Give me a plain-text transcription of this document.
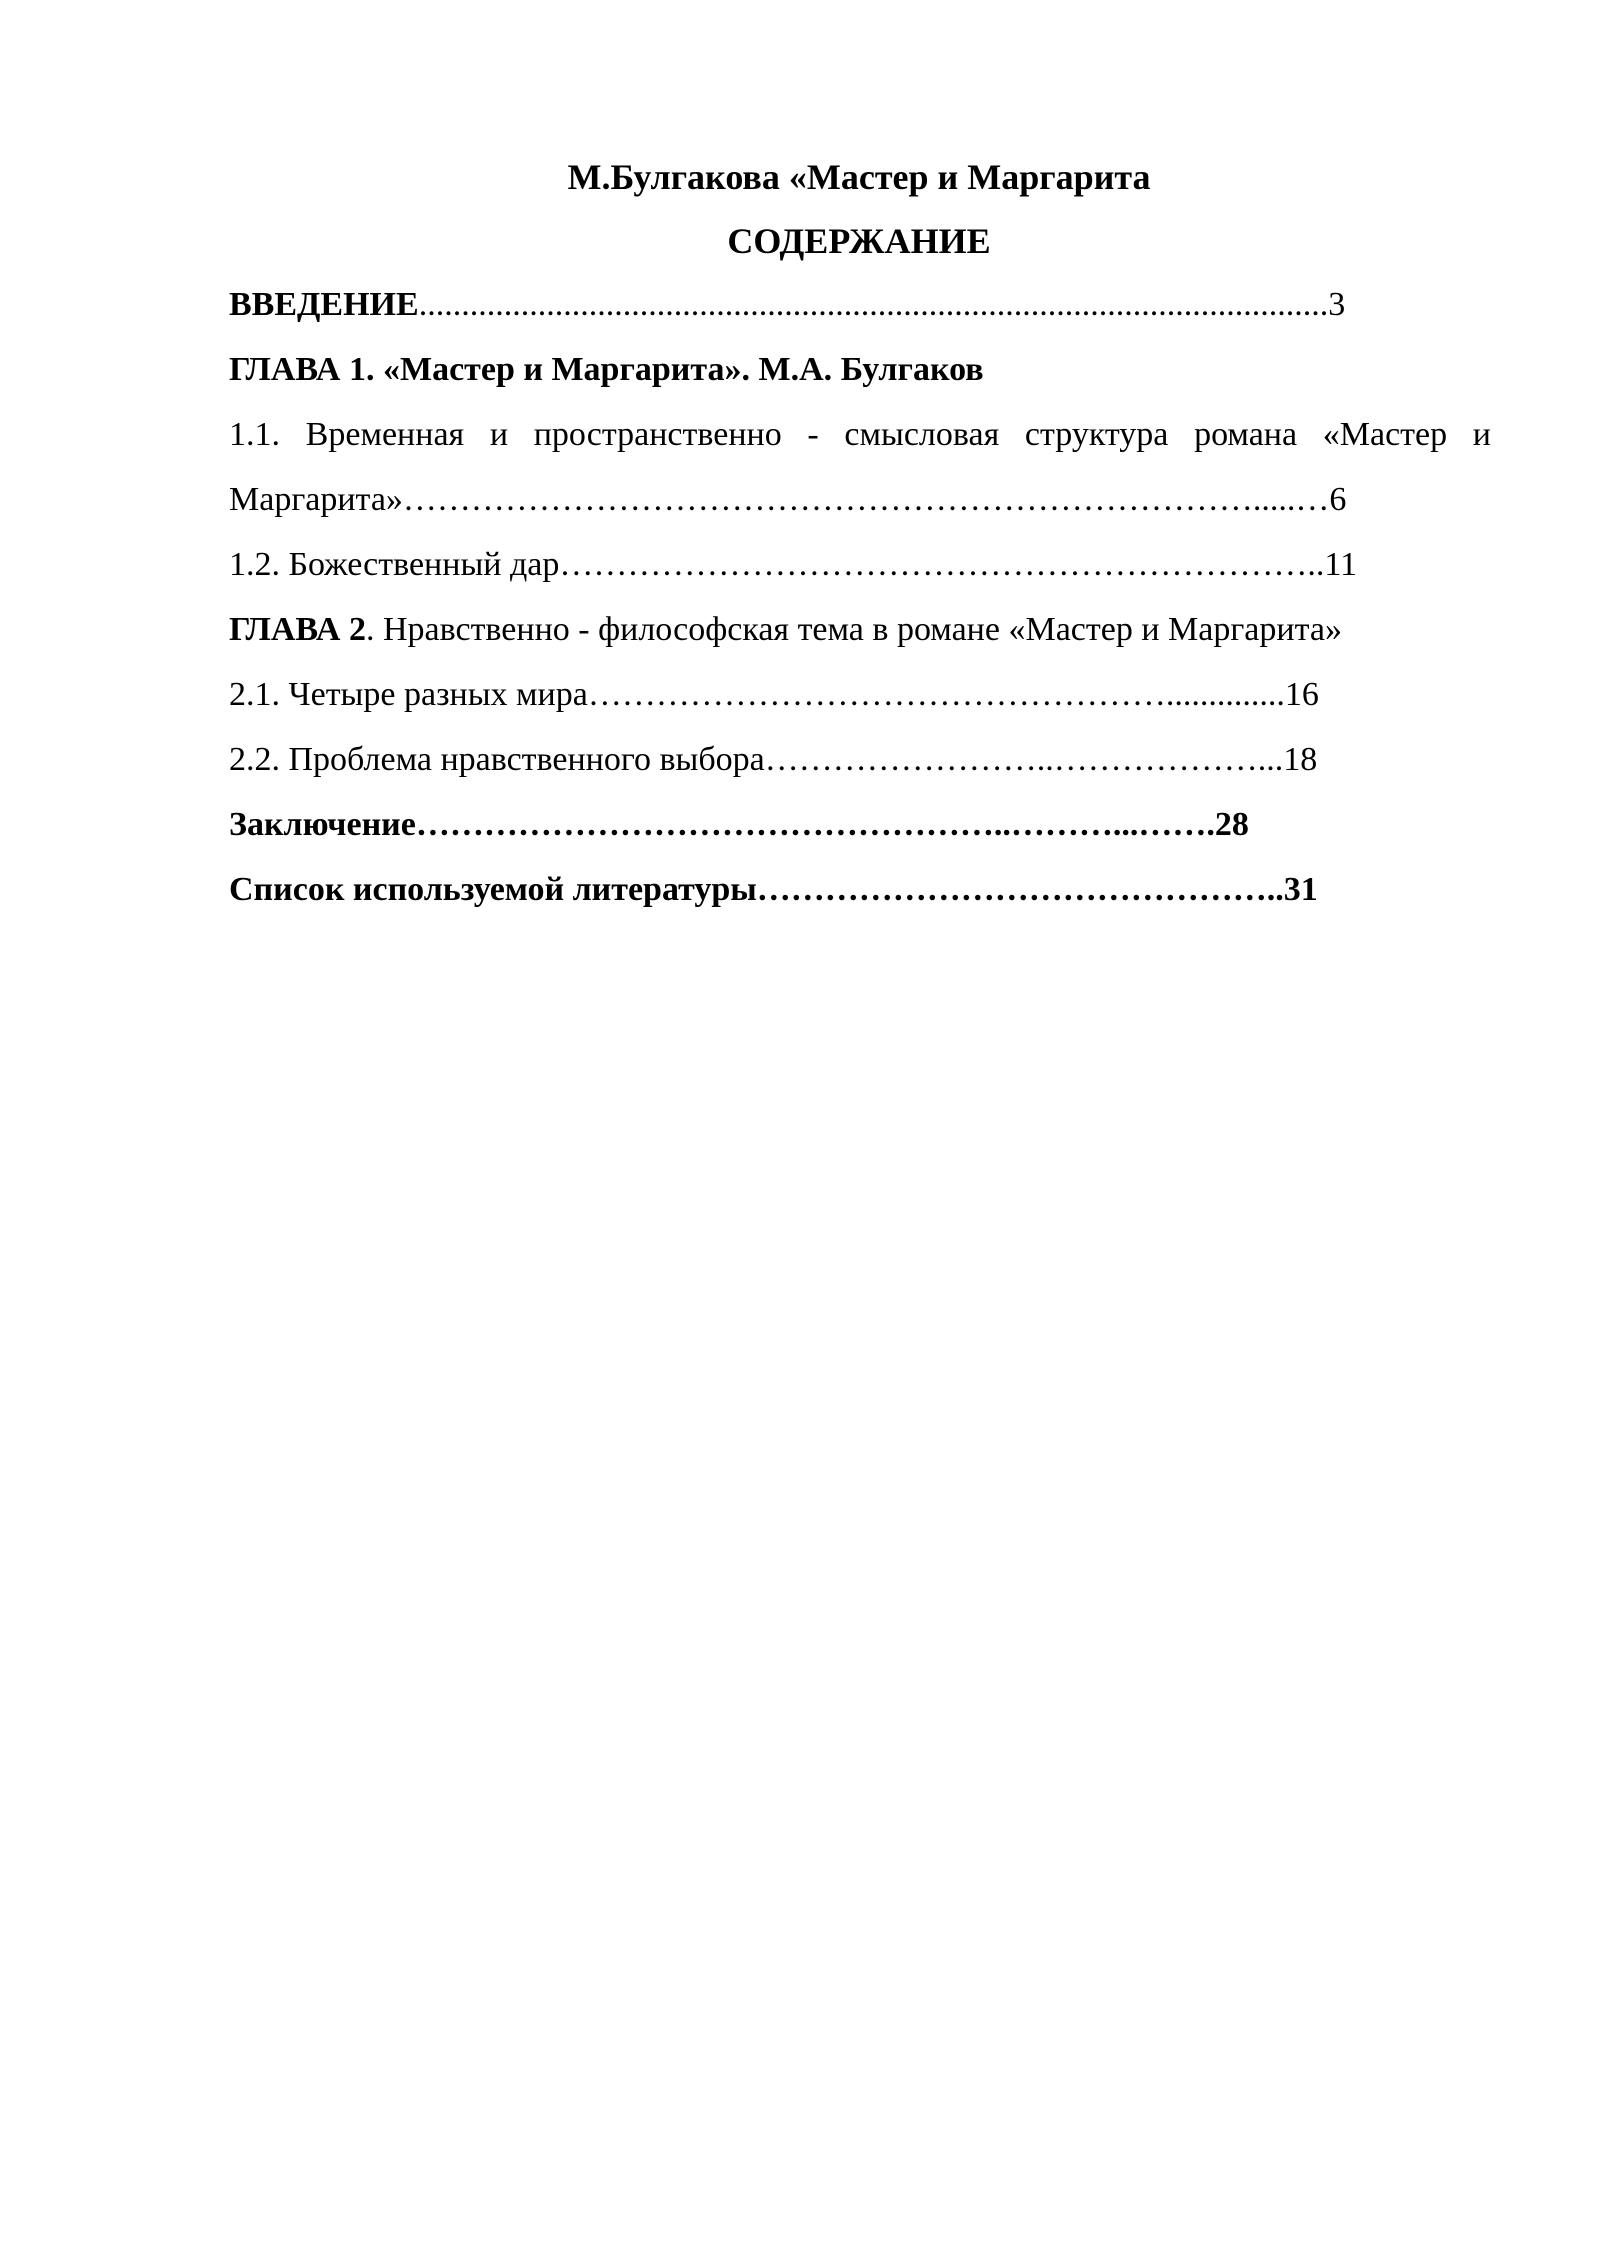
М.Булгакова «Мастер и Маргарита
СОДЕРЖАНИЕ
ВВЕДЕНИЕ...........................................................................................................3
ГЛАВА 1. «Мастер и Маргарита». М.А. Булгаков
1.1. Временная и пространственно - смысловая структура романа «Мастер и
Маргарита»………………………………………………………………….....…6
1.2. Божественный дар…………………………………………………………..11
ГЛАВА 2. Нравственно - философская тема в романе «Мастер и Маргарита»
2.1. Четыре разных мира……………………………………………..............16
2.2. Проблема нравственного выбора……………………..………………...18
Заключение……………………………………………..………...…….28
Список используемой литературы………………………………………..31
